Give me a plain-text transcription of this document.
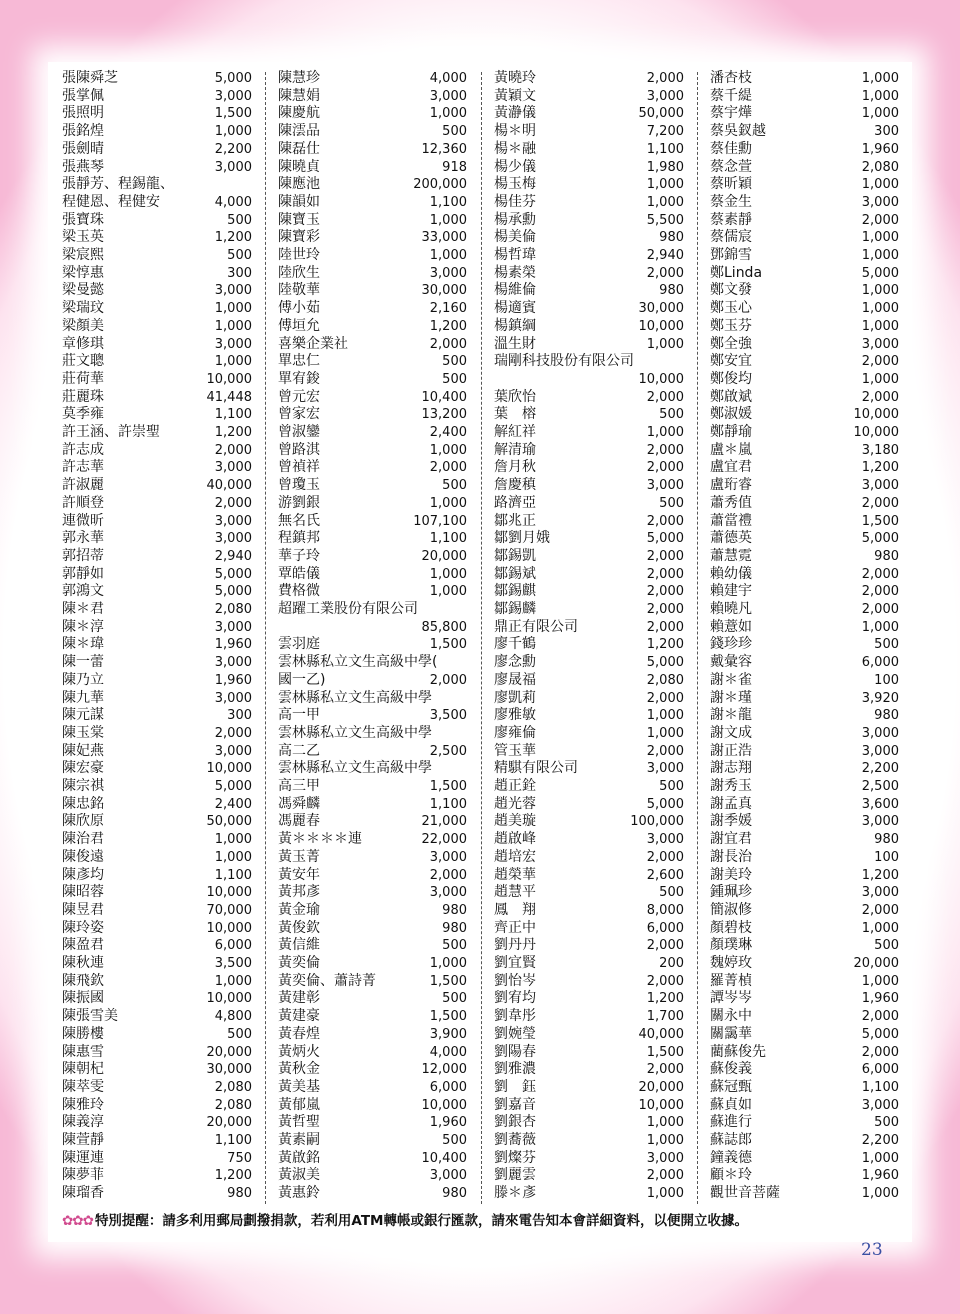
張陳舜芝	5,000
張掌佩	3,000
張照明	1,500
張銘煌	1,000
張劍晴	2,200
張燕琴	3,000
張靜芳、程錫龍、
程健恩、程健安	4,000
張寶珠	500
梁玉英	1,200
梁宸熙	500
梁惇惠	300
梁曼懿	3,000
梁瑞玟	1,000
梁顏美	1,000
章修琪	3,000
莊文聰	1,000
莊荷華	10,000
莊麗珠	41,448
莫季雍	1,100
許王涵、許崇聖	1,200
許志成	2,000
許志華	3,000
許淑麗	40,000
許順登	2,000
連微昕	3,000
郭永華	3,000
郭招蒂	2,940
郭靜如	5,000
郭鴻文	5,000
陳＊君	2,080
陳＊淳	3,000
陳＊瑋	1,960
陳一蕾	3,000
陳乃立	1,960
陳九華	3,000
陳元謀	300
陳玉棠	2,000
陳妃燕	3,000
陳宏豪	10,000
陳宗祺	5,000
陳忠銘	2,400
陳欣原	50,000
陳治君	1,000
陳俊遠	1,000
陳彥均	1,100
陳昭蓉	10,000
陳昱君	70,000
陳玲姿	10,000
陳盈君	6,000
陳秋連	3,500
陳飛欽	1,000
陳振國	10,000
陳張雪美	4,800
陳勝樓	500
陳惠雪	20,000
陳朝杞	30,000
陳萃雯	2,080
陳雅玲	2,080
陳義淳	20,000
陳萱靜	1,100
陳運連	750
陳夢菲	1,200
陳瑠香	980
陳慧珍	4,000
陳慧娟	3,000
陳慶航	1,000
陳澐品	500
陳磊仕	12,360
陳曉貞	918
陳應池	200,000
陳韻如	1,100
陳寶玉	1,000
陳寶彩	33,000
陸世玲	1,000
陸欣生	3,000
陸敬華	30,000
傅小茹	2,160
傅垣允	1,200
喜樂企業社	2,000
單忠仁	500
單宥鋑	500
曾元宏	10,400
曾家宏	13,200
曾淑鑾	2,400
曾路淇	1,000
曾禎祥	2,000
曾瓊玉	500
游劉銀	1,000
無名氏	107,100
程鎮邦	1,100
華子玲	20,000
覃皓儀	1,000
費格微	1,000
超躍工業股份有限公司
85,800
雲羽庭	1,500
雲林縣私立文生高級中學(
國一乙)	2,000
雲林縣私立文生高級中學
高一甲	3,500
雲林縣私立文生高級中學
高二乙	2,500
雲林縣私立文生高級中學
高三甲	1,500
馮舜麟	1,100
馮麗春	21,000
黃＊＊＊＊連	22,000
黃玉菁	3,000
黃安年	2,000
黃邦彥	3,000
黃金瑜	980
黃俊欽	980
黃信維	500
黃奕倫	1,000
黃奕倫、蕭詩菁	1,500
黃建彰	500
黃建豪	1,500
黃春煌	3,900
黃炳火	4,000
黃秋金	12,000
黃美基	6,000
黃郁嵐	10,000
黃哲聖	1,960
黃素嗣	500
黃啟銘	10,400
黃淑美	3,000
黃惠鈴	980
黃曉玲	2,000
黃穎文	3,000
黃瀞儀	50,000
楊＊明	7,200
楊＊融	1,100
楊少儀	1,980
楊玉梅	1,000
楊佳芬	1,000
楊承勳	5,500
楊美倫	980
楊哲瑋	2,940
楊素榮	2,000
楊維倫	980
楊適賓	30,000
楊鎮綱	10,000
溫生財	1,000
瑞剛科技股份有限公司
10,000
葉欣怡	2,000
葉　榕	500
解紅祥	1,000
解清瑜	2,000
詹月秋	2,000
詹慶稹	3,000
路濟亞	500
鄒兆正	2,000
鄒劉月娥	5,000
鄒錫凱	2,000
鄒錫斌	2,000
鄒錫麒	2,000
鄒錫麟	2,000
鼎正有限公司	2,000
廖千鶴	1,200
廖念勳	5,000
廖晟福	2,080
廖凱莉	2,000
廖雅敏	1,000
廖雍倫	1,000
管玉華	2,000
精騏有限公司	3,000
趙正銓	500
趙光蓉	5,000
趙美璇	100,000
趙啟峰	3,000
趙培宏	2,000
趙榮華	2,600
趙慧平	500
鳳　翔	8,000
齊正中	6,000
劉丹丹	2,000
劉宜賢	200
劉怡岑	2,000
劉宥均	1,200
劉韋彤	1,700
劉婉瑩	40,000
劉陽春	1,500
劉雅濃	2,000
劉　鈺	20,000
劉嘉音	10,000
劉銀杏	1,000
劉蕎薇	1,000
劉燦芬	3,000
劉麗雲	2,000
滕＊彥	1,000
潘杏枝	1,000
蔡千緹	1,000
蔡宇燁	1,000
蔡吳釵越	300
蔡佳勳	1,960
蔡念萱	2,080
蔡昕穎	1,000
蔡金生	3,000
蔡素靜	2,000
蔡儒宸	1,000
鄧錦雪	1,000
鄭Linda	5,000
鄭文發	1,000
鄭玉心	1,000
鄭玉芬	1,000
鄭全強	3,000
鄭安宜	2,000
鄭俊均	1,000
鄭啟斌	2,000
鄭淑媛	10,000
鄭靜瑜	10,000
盧＊嵐	3,180
盧宜君	1,200
盧珩睿	3,000
蕭秀值	2,000
蕭當禮	1,500
蕭德英	5,000
蕭慧霓	980
賴幼儀	2,000
賴建宇	2,000
賴曉凡	2,000
賴薏如	1,000
錢珍珍	500
戴彙容	6,000
謝＊雀	100
謝＊瑾	3,920
謝＊龍	980
謝文成	3,000
謝正浩	3,000
謝志翔	2,200
謝秀玉	2,500
謝孟真	3,600
謝季媛	3,000
謝宜君	980
謝長治	100
謝美玲	1,200
鍾珮珍	3,000
簡淑修	2,000
顏碧枝	1,000
顏璞琳	500
魏婷玫	20,000
羅菁楨	1,000
譚岑岑	1,960
關永中	2,000
關靄華	5,000
藺蘇俊先	2,000
蘇俊義	6,000
蘇冠甄	1,100
蘇貞如	3,000
蘇進行	500
蘇誌郎	2,200
鐘義德	1,000
顧＊玲	1,960
觀世音菩薩	1,000
✿✿✿ 特別提醒：請多利用郵局劃撥捐款，若利用ATM轉帳或銀行匯款，請來電告知本會詳細資料，以便開立收據。
23
